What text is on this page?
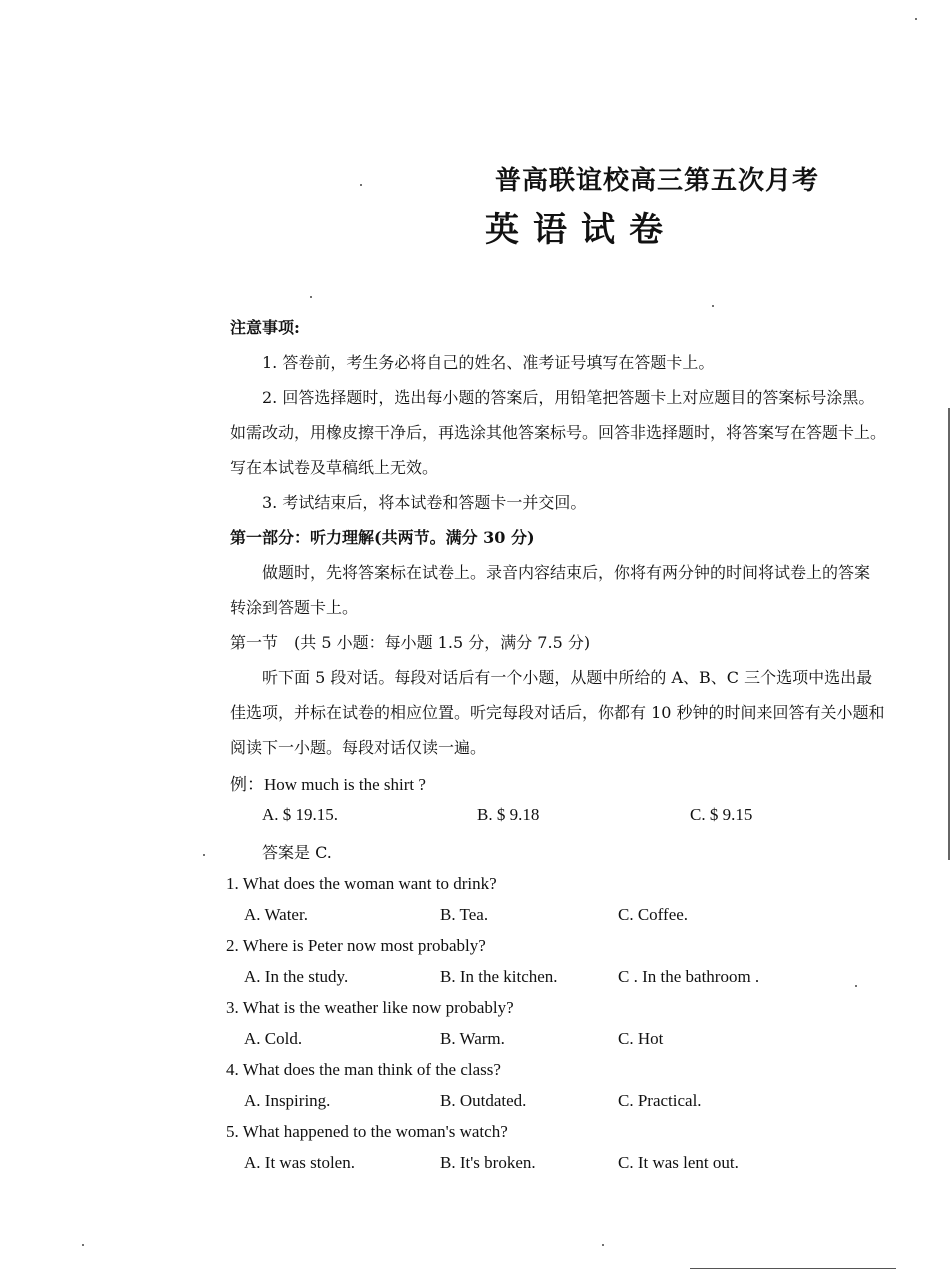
普高联谊校高三第五次月考
英语试卷
注意事项:
1. 答卷前，考生务必将自己的姓名、准考证号填写在答题卡上。
2. 回答选择题时，选出每小题的答案后，用铅笔把答题卡上对应题目的答案标号涂黑。
如需改动，用橡皮擦干净后，再选涂其他答案标号。回答非选择题时，将答案写在答题卡上。
写在本试卷及草稿纸上无效。
3. 考试结束后，将本试卷和答题卡一并交回。
第一部分：听力理解(共两节。满分 30 分)
做题时，先将答案标在试卷上。录音内容结束后，你将有两分钟的时间将试卷上的答案
转涂到答题卡上。
第一节　(共 5 小题：每小题 1.5 分，满分 7.5 分)
听下面 5 段对话。每段对话后有一个小题，从题中所给的 A、B、C 三个选项中选出最
佳选项，并标在试卷的相应位置。听完每段对话后，你都有 10 秒钟的时间来回答有关小题和
阅读下一小题。每段对话仅读一遍。
例：How much is the shirt ?
A. $ 19.15.	B. $ 9.18	C. $ 9.15
答案是 C.
1. What does the woman want to drink?
A. Water.	B. Tea.	C. Coffee.
2. Where is Peter now most probably?
A. In the study.	B. In the kitchen.	C . In the bathroom .
3. What is the weather like now probably?
A. Cold.	B. Warm.	C. Hot
4. What does the man think of the class?
A. Inspiring.	B. Outdated.	C. Practical.
5. What happened to the woman's watch?
A. It was stolen.	B. It's broken.	C. It was lent out.
